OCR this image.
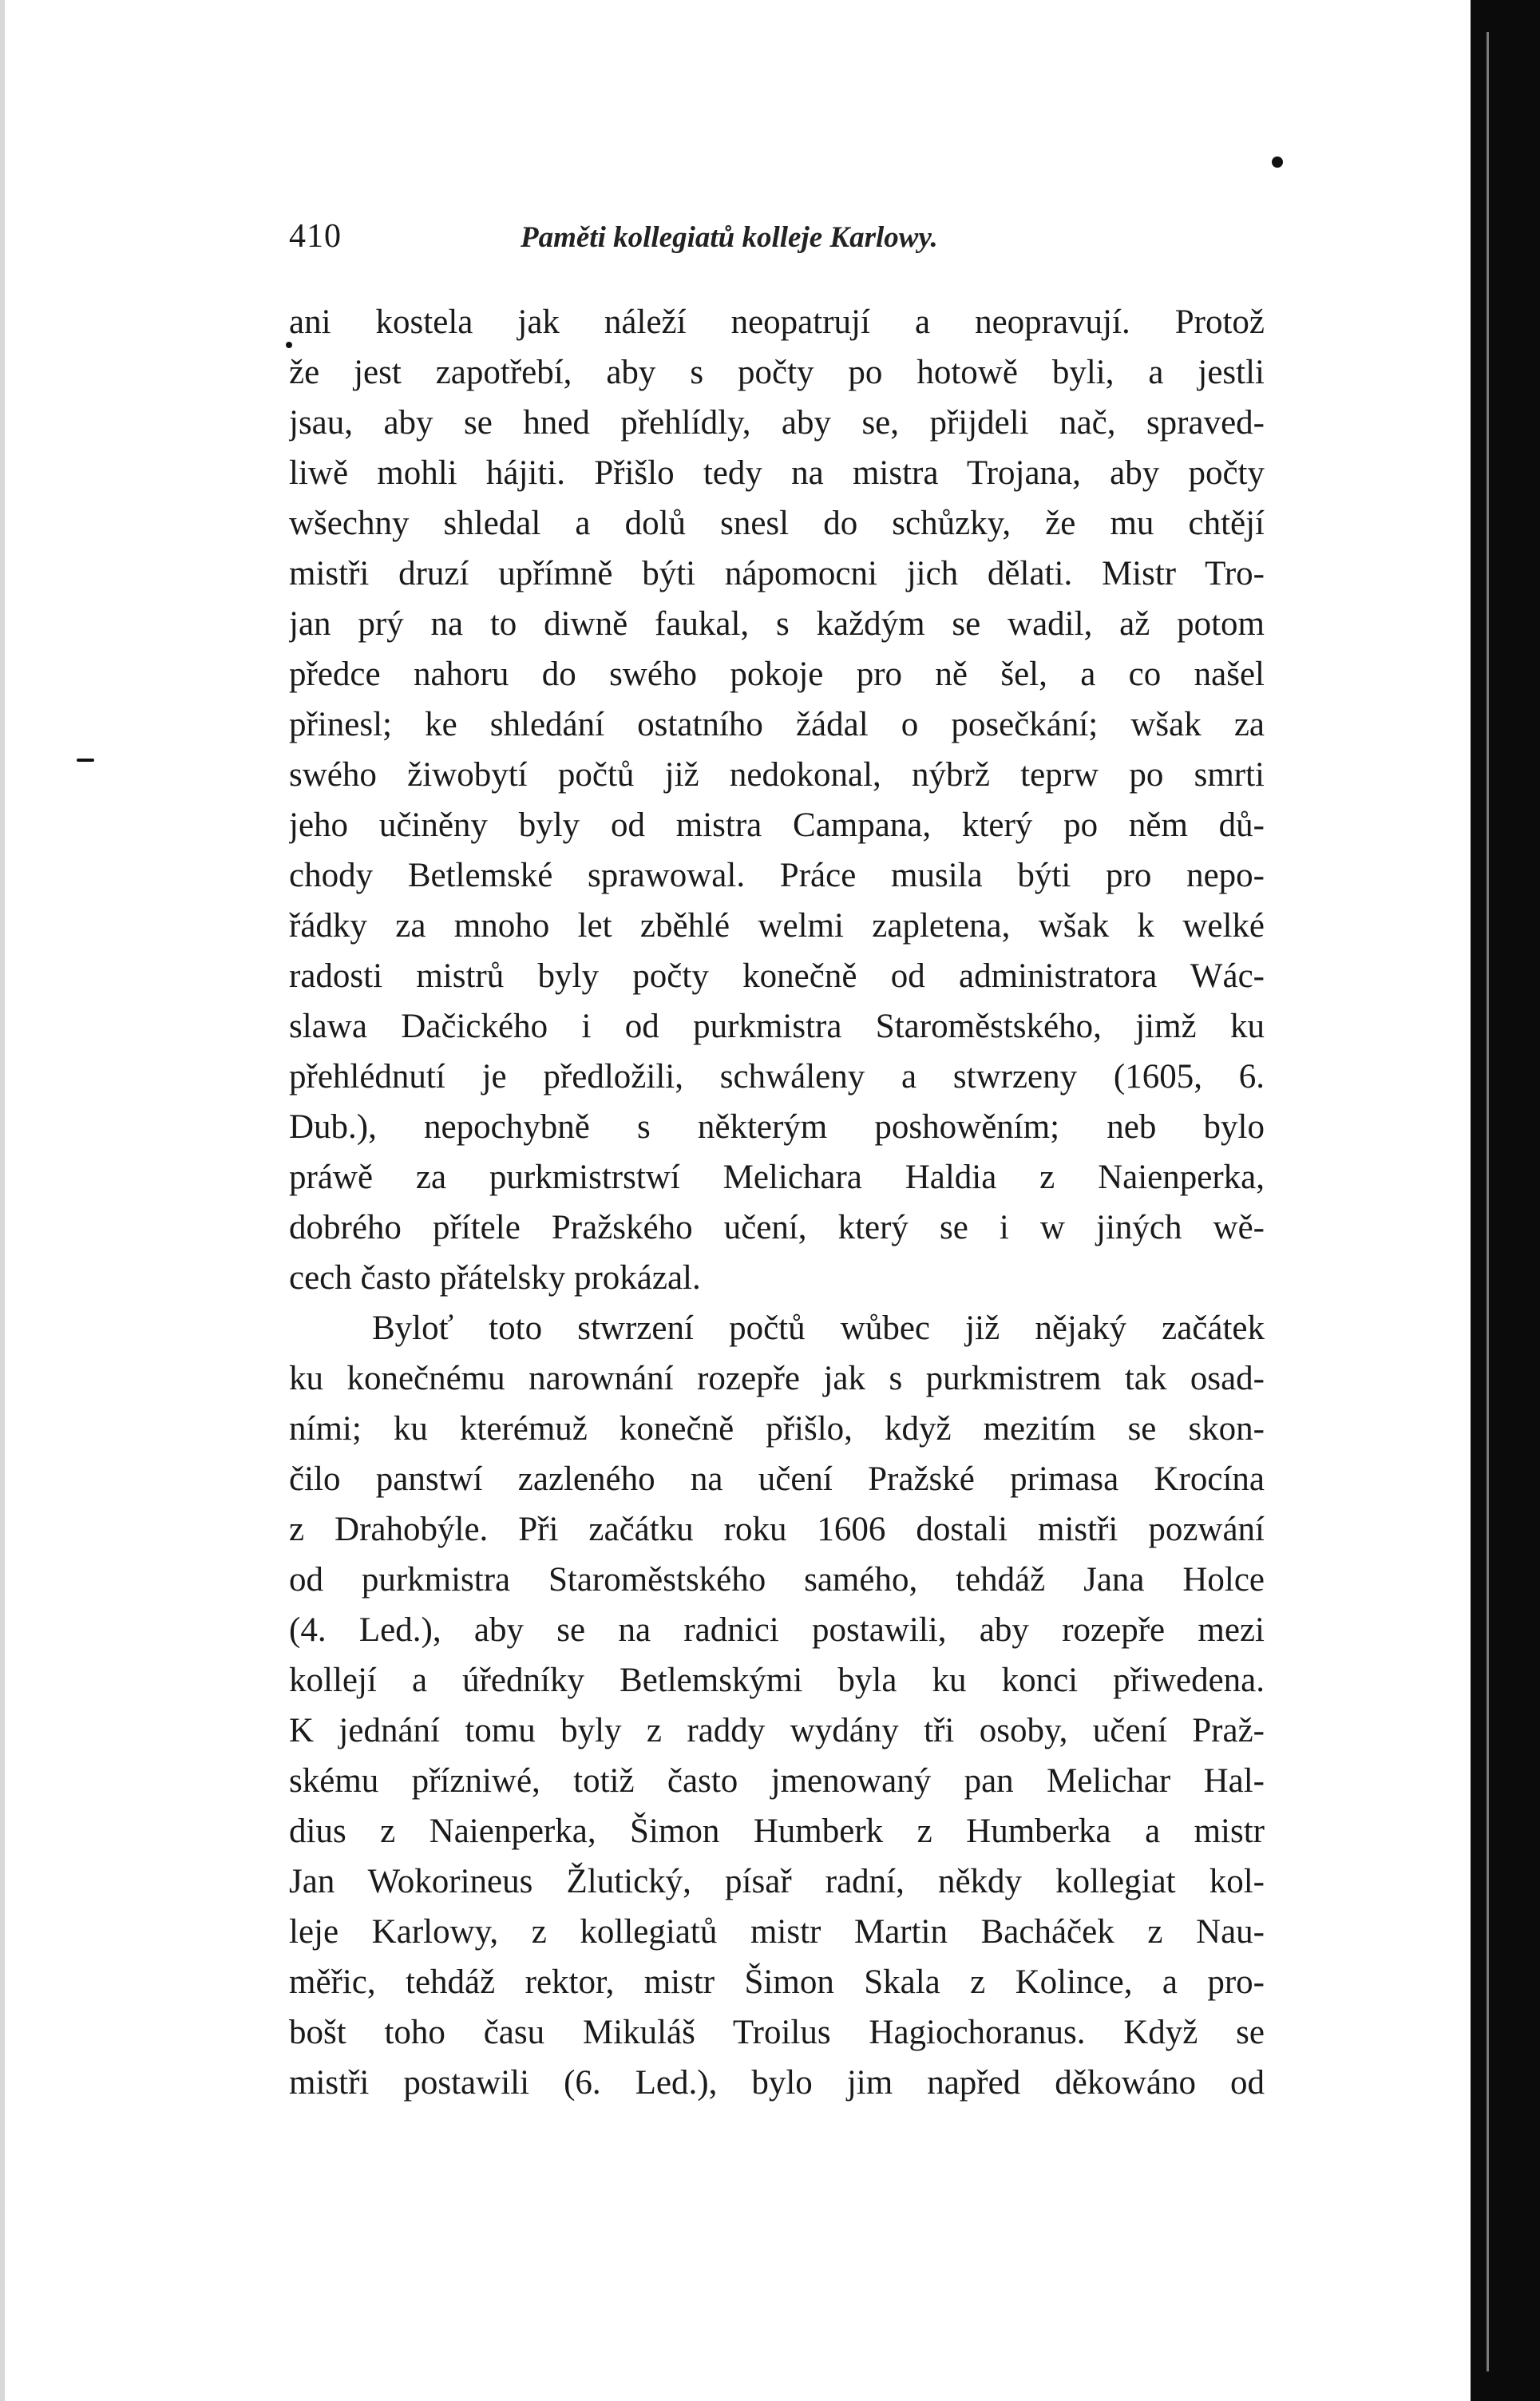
410	Paměti kollegiatů kolleje Karlowy.
ani kostela jak náleží neopatrují a neopravují. Protož
že jest zapotřebí, aby s počty po hotowě byli, a jestli
jsau, aby se hned přehlídly, aby se, přijdeli nač, spraved-
liwě mohli hájiti. Přišlo tedy na mistra Trojana, aby počty
wšechny shledal a dolů snesl do schůzky, že mu chtějí
mistři druzí upřímně býti nápomocni jich dělati. Mistr Tro-
jan prý na to diwně faukal, s každým se wadil, až potom
předce nahoru do swého pokoje pro ně šel, a co našel
přinesl; ke shledání ostatního žádal o posečkání; wšak za
swého žiwobytí počtů již nedokonal, nýbrž teprw po smrti
jeho učiněny byly od mistra Campana, který po něm dů-
chody Betlemské sprawowal. Práce musila býti pro nepo-
řádky za mnoho let zběhlé welmi zapletena, wšak k welké
radosti mistrů byly počty konečně od administratora Wác-
slawa Dačického i od purkmistra Staroměstského, jimž ku
přehlédnutí je předložili, schwáleny a stwrzeny (1605, 6.
Dub.), nepochybně s některým poshowěním; neb bylo
práwě za purkmistrstwí Melichara Haldia z Naienperka,
dobrého přítele Pražského učení, který se i w jiných wě-
cech často přátelsky prokázal.
Byloť toto stwrzení počtů wůbec již nějaký začátek
ku konečnému narownání rozepře jak s purkmistrem tak osad-
ními; ku kterémuž konečně přišlo, když mezitím se skon-
čilo panstwí zazleného na učení Pražské primasa Krocína
z Drahobýle. Při začátku roku 1606 dostali mistři pozwání
od purkmistra Staroměstského samého, tehdáž Jana Holce
(4. Led.), aby se na radnici postawili, aby rozepře mezi
kollejí a úředníky Betlemskými byla ku konci přiwedena.
K jednání tomu byly z raddy wydány tři osoby, učení Praž-
skému přízniwé, totiž často jmenowaný pan Melichar Hal-
dius z Naienperka, Šimon Humberk z Humberka a mistr
Jan Wokorineus Žlutický, písař radní, někdy kollegiat kol-
leje Karlowy, z kollegiatů mistr Martin Bacháček z Nau-
měřic, tehdáž rektor, mistr Šimon Skala z Kolince, a pro-
bošt toho času Mikuláš Troilus Hagiochoranus. Když se
mistři postawili (6. Led.), bylo jim napřed děkowáno od
